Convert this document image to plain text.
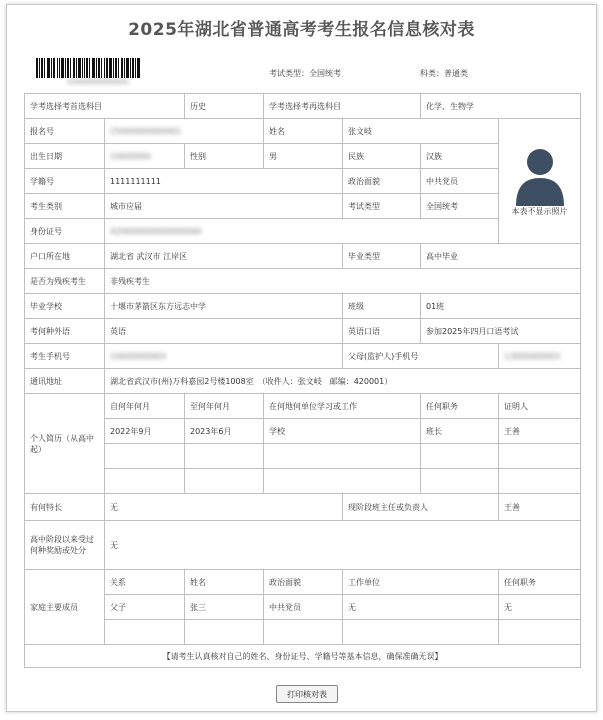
2025年湖北省普通高考考生报名信息核对表
25400000000001
考试类型：全国统考	科类：普通类
学考选择考首选科目		历史	学考选择考再选科目		化学、生物学	
报名号	25000000000001		姓名	张文岐		本表不显示照片

出生日期	10000000	性别	男	民族	汉族	
学籍号	1111111111			政治面貌	中共党员	
考生类别	城市应届			考试类型	全国统考	
身份证号	420000000000000000					
户口所在地	湖北省 武汉市 江岸区			毕业类型	高中毕业	
是否为残疾考生	非残疾考生					
毕业学校	十堰市茅箭区东方远志中学			班级	01班	
考何种外语	英语			英语口语	参加2025年四月口语考试	
考生手机号	10000000003			父母(监护人)手机号		13000000003
通讯地址	湖北省武汉市(州)万科嘉园2号楼1008室　（收件人：张文岐　邮编：420001）					
个人简历（从高中起）	自何年何月	至何年何月	在何地何单位学习或工作		任何职务	证明人
	2022年9月	2023年6月	学校		班长	王善

有何特长	无			现阶段班主任或负责人		王善
高中阶段以来受过何种奖励或处分	无					
家庭主要成员	关系	姓名	政治面貌	工作单位		任何职务
	父子	张三	中共党员	无		无

【请考生认真核对自己的姓名、身份证号、学籍号等基本信息，确保准确无误】						
打印核对表
